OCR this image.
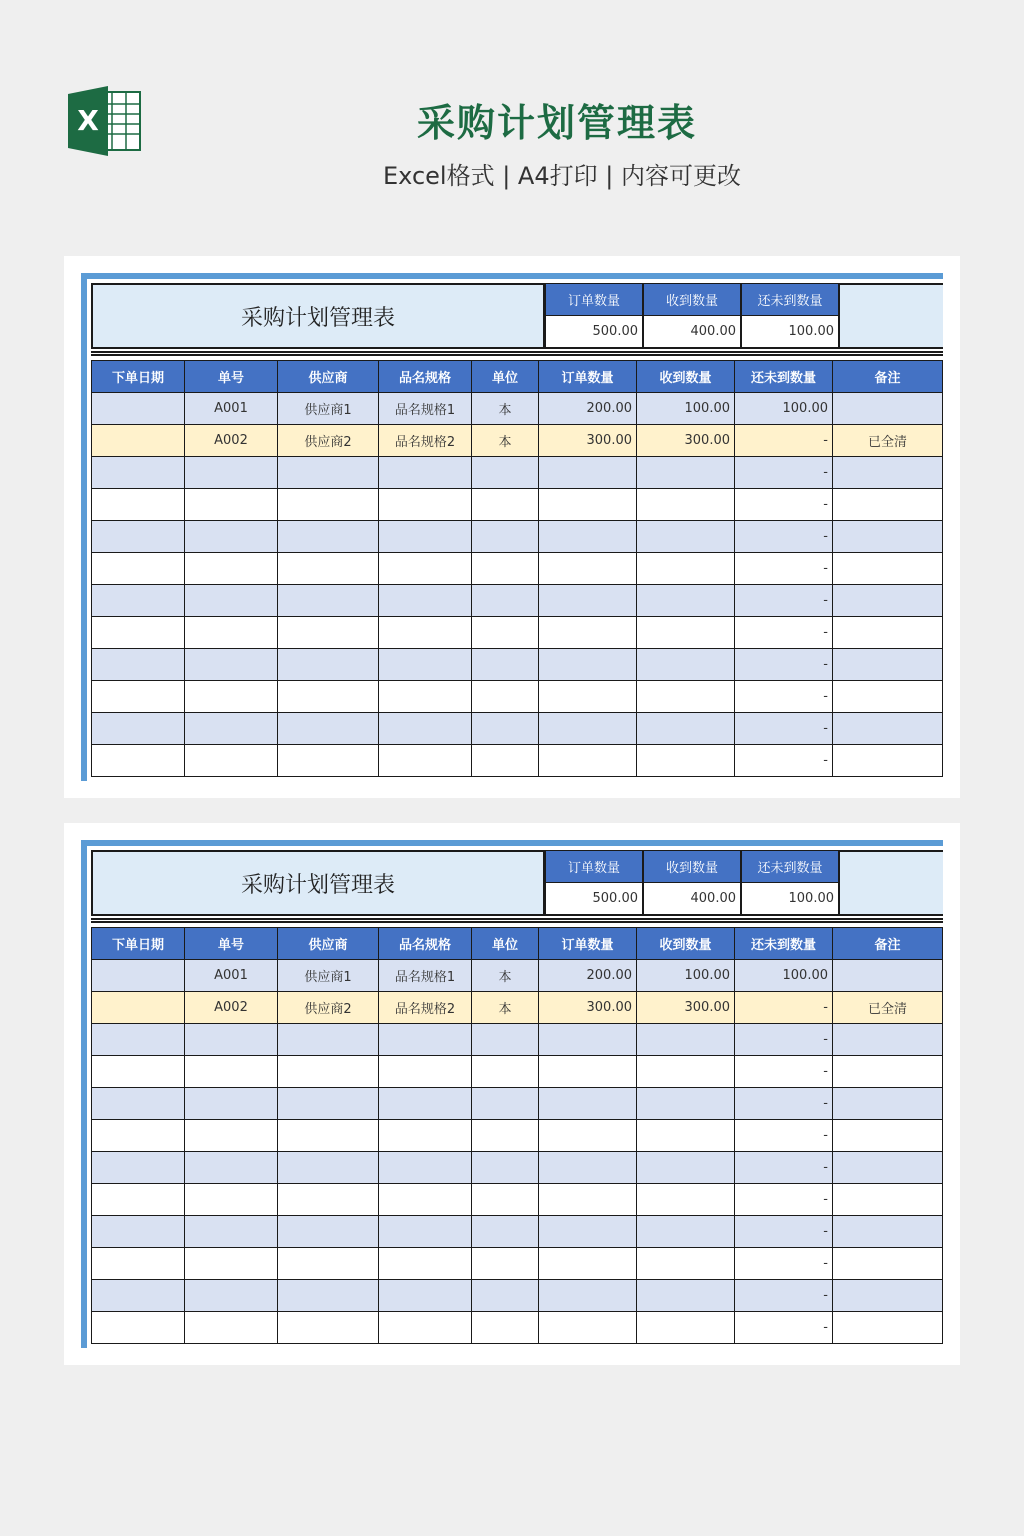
X	采购计划管理表
Excel格式 | A4打印 | 内容可更改
采购计划管理表
订单数量
500.00
收到数量
400.00
还未到数量
100.00
下单日期	单号	供应商	品名规格	单位	订单数量	收到数量	还未到数量	备注
	A001	供应商1	品名规格1	本	200.00	100.00	100.00	
	A002	供应商2	品名规格2	本	300.00	300.00	-	已全清
							-	
							-	
							-	
							-	
							-	
							-	
							-	
							-	
							-	
							-	
采购计划管理表
订单数量
500.00
收到数量
400.00
还未到数量
100.00
下单日期	单号	供应商	品名规格	单位	订单数量	收到数量	还未到数量	备注
	A001	供应商1	品名规格1	本	200.00	100.00	100.00	
	A002	供应商2	品名规格2	本	300.00	300.00	-	已全清
							-	
							-	
							-	
							-	
							-	
							-	
							-	
							-	
							-	
							-	
